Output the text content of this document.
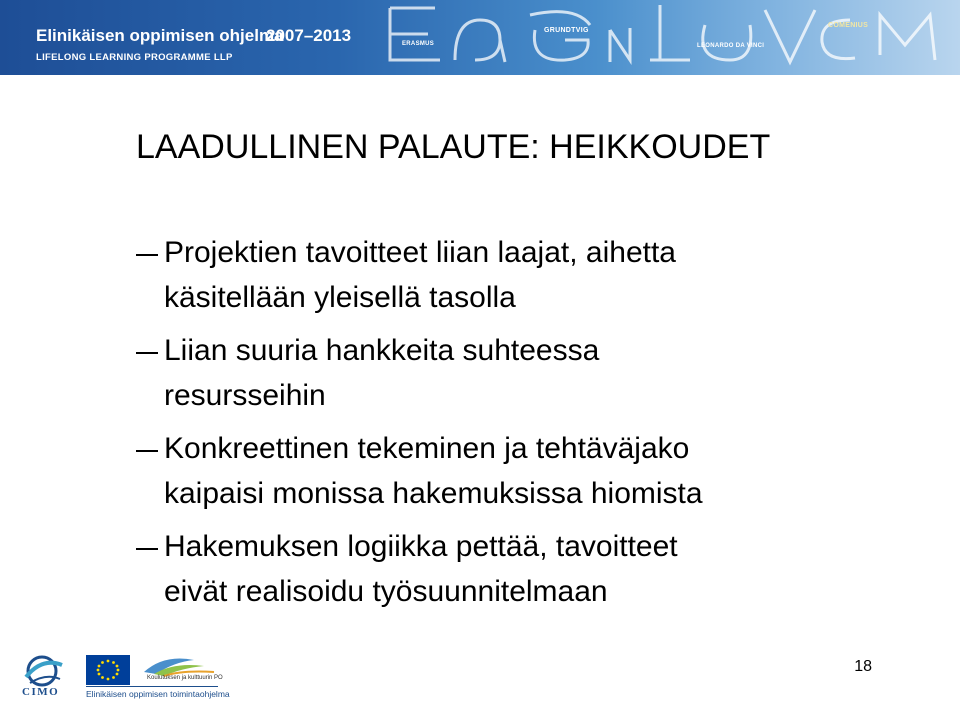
Elinikäisen oppimisen ohjelma
LIFELONG LEARNING PROGRAMME LLP
2007–2013	ERASMUS
GRUNDTVIG
LEONARDO DA VINCI
COMENIUS
LAADULLINEN PALAUTE: HEIKKOUDET
Projektien tavoitteet liian laajat, aihetta
käsitellään yleisellä tasolla
Liian suuria hankkeita suhteessa
resursseihin
Konkreettinen tekeminen ja tehtäväjako
kaipaisi monissa hakemuksissa hiomista
Hakemuksen logiikka pettää, tavoitteet
eivät realisoidu työsuunnitelmaan
CIMO
Koulutuksen ja kulttuurin PO
Elinikäisen oppimisen toimintaohjelma
18
